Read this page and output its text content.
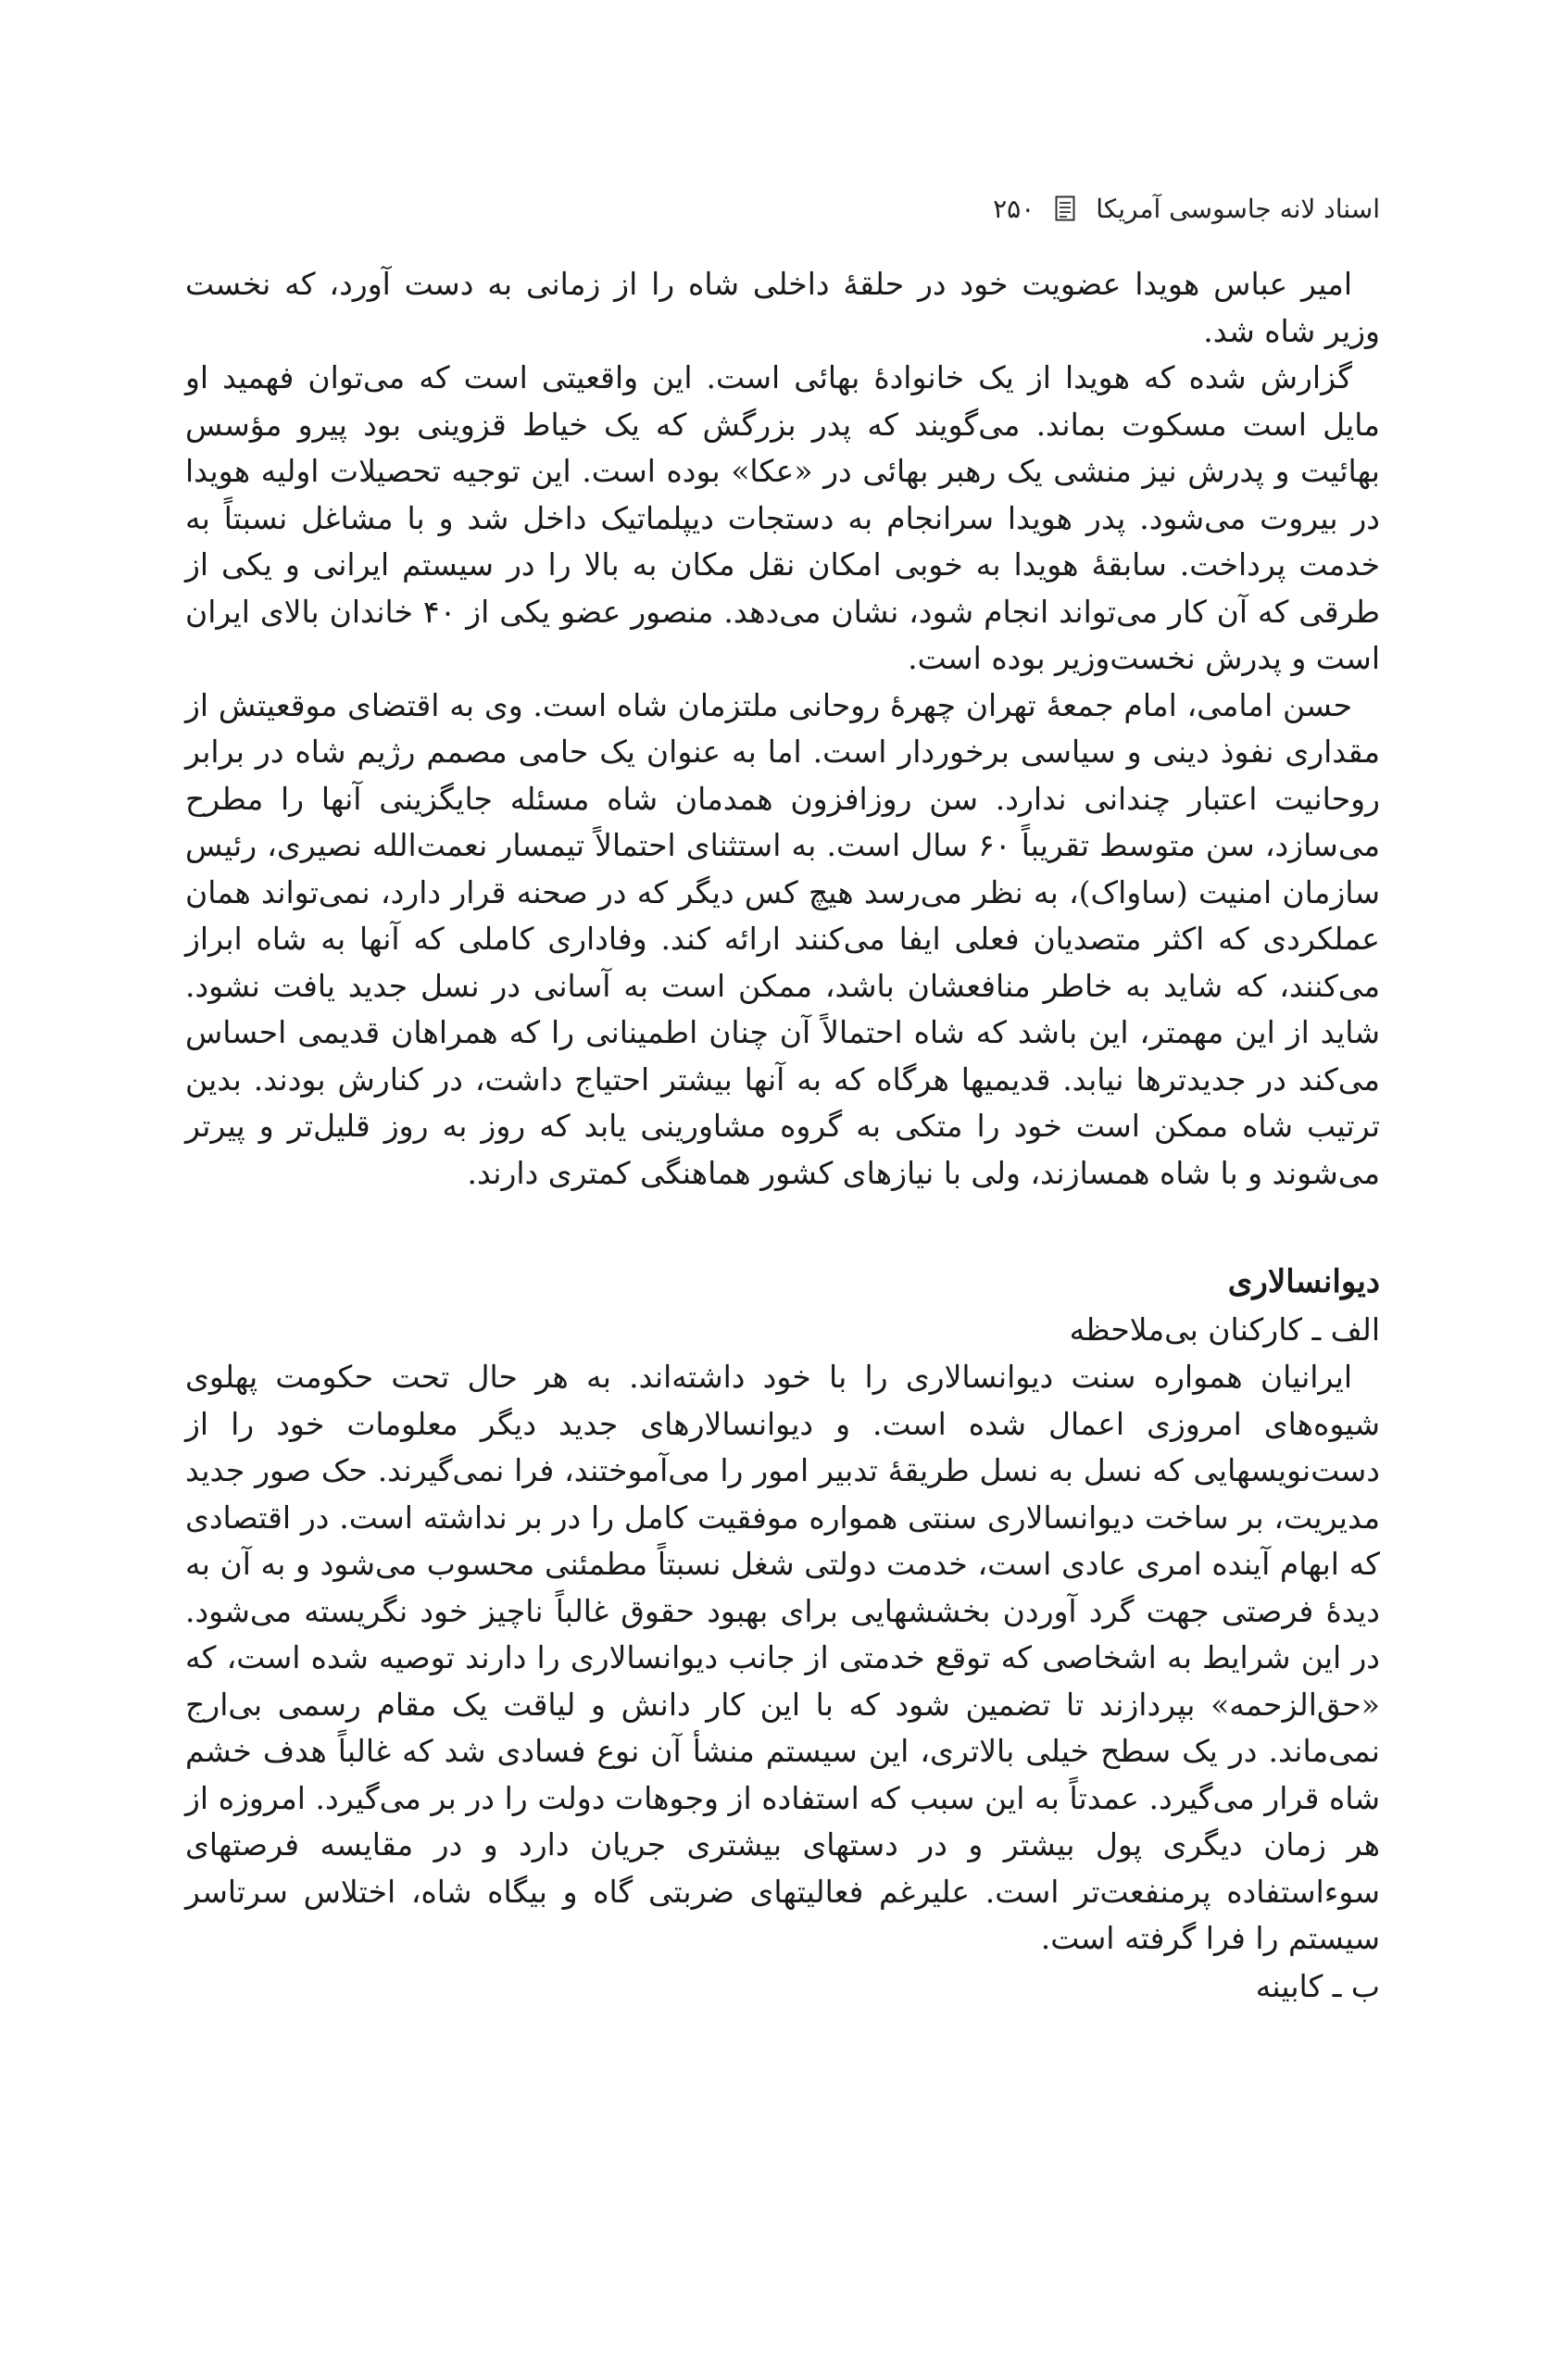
اسناد لانه جاسوسی آمریکا
۲۵۰

امیر عباس هویدا عضویت خود در حلقهٔ داخلی شاه را از زمانی به دست آورد، که نخست وزیر شاه شد.

گزارش شده که هویدا از یک خانوادهٔ بهائی است. این واقعیتی است که می‌توان فهمید او مایل است مسکوت بماند. می‌گویند که پدر بزرگش که یک خیاط قزوینی بود پیرو مؤسس بهائیت و پدرش نیز منشی یک رهبر بهائی در «عکا» بوده است. این توجیه تحصیلات اولیه هویدا در بیروت می‌شود. پدر هویدا سرانجام به دستجات دیپلماتیک داخل شد و با مشاغل نسبتاً به خدمت پرداخت. سابقهٔ هویدا به خوبی امکان نقل مکان به بالا را در سیستم ایرانی و یکی از طرقی که آن کار می‌تواند انجام شود، نشان می‌دهد. منصور عضو یکی از ۴۰ خاندان بالای ایران است و پدرش نخست‌وزیر بوده است.

حسن امامی، امام جمعهٔ تهران چهرهٔ روحانی ملتزمان شاه است. وی به اقتضای موقعیتش از مقداری نفوذ دینی و سیاسی برخوردار است. اما به عنوان یک حامی مصمم رژیم شاه در برابر روحانیت اعتبار چندانی ندارد. سن روزافزون همدمان شاه مسئله جایگزینی آنها را مطرح می‌سازد، سن متوسط تقریباً ۶۰ سال است. به استثنای احتمالاً تیمسار نعمت‌الله نصیری، رئیس سازمان امنیت (ساواک)، به نظر می‌رسد هیچ کس دیگر که در صحنه قرار دارد، نمی‌تواند همان عملکردی که اکثر متصدیان فعلی ایفا می‌کنند ارائه کند. وفاداری کاملی که آنها به شاه ابراز می‌کنند، که شاید به خاطر منافعشان باشد، ممکن است به آسانی در نسل جدید یافت نشود. شاید از این مهمتر، این باشد که شاه احتمالاً آن چنان اطمینانی را که همراهان قدیمی احساس می‌کند در جدیدترها نیابد. قدیمیها هرگاه که به آنها بیشتر احتیاج داشت، در کنارش بودند. بدین ترتیب شاه ممکن است خود را متکی به گروه مشاورینی یابد که روز به روز قلیل‌تر و پیرتر می‌شوند و با شاه همسازند، ولی با نیازهای کشور هماهنگی کمتری دارند.

دیوانسالاری
الف ـ کارکنان بی‌ملاحظه

ایرانیان همواره سنت دیوانسالاری را با خود داشته‌اند. به هر حال تحت حکومت پهلوی شیوه‌های امروزی اعمال شده است. و دیوانسالارهای جدید دیگر معلومات خود را از دست‌نویسهایی که نسل به نسل طریقهٔ تدبیر امور را می‌آموختند، فرا نمی‌گیرند. حک صور جدید مدیریت، بر ساخت دیوانسالاری سنتی همواره موفقیت کامل را در بر نداشته است. در اقتصادی که ابهام آینده امری عادی است، خدمت دولتی شغل نسبتاً مطمئنی محسوب می‌شود و به آن به دیدهٔ فرصتی جهت گرد آوردن بخششهایی برای بهبود حقوق غالباً ناچیز خود نگریسته می‌شود. در این شرایط به اشخاصی که توقع خدمتی از جانب دیوانسالاری را دارند توصیه شده است، که «حق‌الزحمه» بپردازند تا تضمین شود که با این کار دانش و لیاقت یک مقام رسمی بی‌ارج نمی‌ماند. در یک سطح خیلی بالاتری، این سیستم منشأ آن نوع فسادی شد که غالباً هدف خشم شاه قرار می‌گیرد. عمدتاً به این سبب که استفاده از وجوهات دولت را در بر می‌گیرد. امروزه از هر زمان دیگری پول بیشتر و در دستهای بیشتری جریان دارد و در مقایسه فرصتهای سوءاستفاده پرمنفعت‌تر است. علیرغم فعالیتهای ضربتی گاه و بیگاه شاه، اختلاس سرتاسر سیستم را فرا گرفته است.

ب ـ کابینه
